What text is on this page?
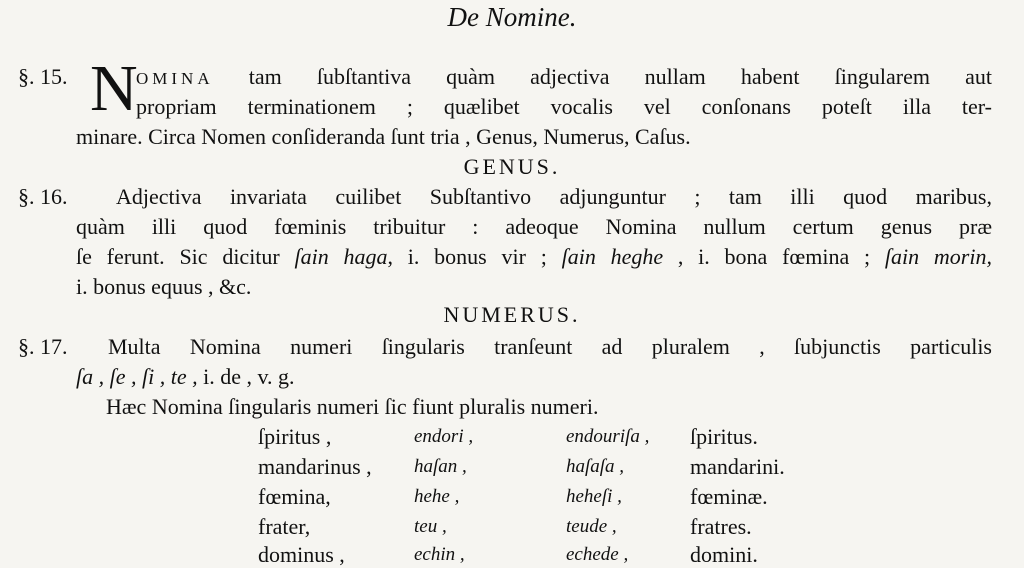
De Nomine.
§. 15. N
OMINA tam ſubſtantiva quàm adjectiva nullam habent ſingularem aut
propriam terminationem ; quælibet vocalis vel conſonans poteſt illa ter-
minare. Circa Nomen conſideranda ſunt tria , Genus, Numerus, Caſus.
GENUS.
§. 16. Adjectiva invariata cuilibet Subſtantivo adjunguntur ; tam illi quod maribus,
quàm illi quod fœminis tribuitur : adeoque Nomina nullum certum genus præ
ſe ferunt. Sic dicitur ſain haga, i. bonus vir ; ſain heghe , i. bona fœmina ; ſain morin,
i. bonus equus , &c.
NUMERUS.
§. 17. Multa Nomina numeri ſingularis tranſeunt ad pluralem , ſubjunctis particulis
ſa , ſe , ſi , te , i. de , v. g.
Hæc Nomina ſingularis numeri ſic fiunt pluralis numeri.
ſpiritus ,	endori ,	endouriſa , ſpiritus.
mandarinus , haſan ,	haſaſa ,	mandarini.
fœmina,	hehe ,	heheſi ,	fœminæ.
frater,	teu ,	teude ,	fratres.
dominus ,	echin ,	echede ,	domini.
